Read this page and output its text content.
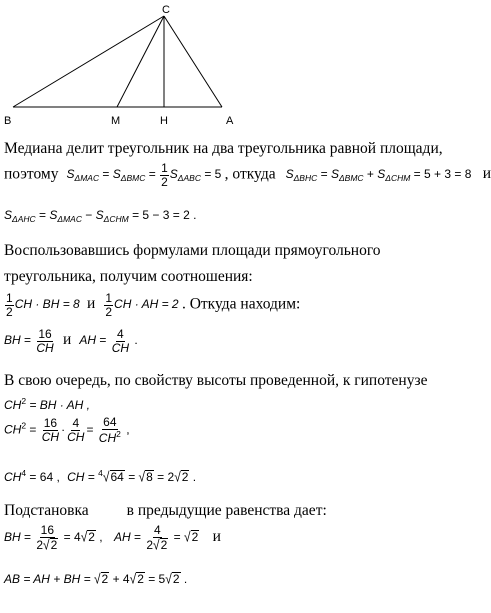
C
B	M	H	A
Медиана делит треугольник на два треугольника равной площади,
поэтому $S_{\Delta MAC} = S_{\Delta BMC} = \frac{1}{2} S_{\Delta ABC} = 5$ , откуда $S_{\Delta BHC} = S_{\Delta BMC} + S_{\Delta CHM} = 5 + 3 = 8$ и
$S_{\Delta AHC} = S_{\Delta MAC} - S_{\Delta CHM} = 5 - 3 = 2$ .
Воспользовавшись формулами площади прямоугольного
треугольника, получим соотношения:
$\frac{1}{2}$ CH · BH = 8 и $\frac{1}{2}$ CH · AH = 2 . Откуда находим:
BH = $\frac{16}{CH}$ и AH = $\frac{4}{CH}$ .
В свою очередь, по свойству высоты проведенной, к гипотенузе
$CH^2$ = BH · AH ,
$CH^2 = \frac{16}{CH} \cdot \frac{4}{CH} = \frac{64}{CH^2}$ ,
$CH^4 = 64$ , CH = $^4$√64 = √8 = 2√2 .
Подстановка в предыдущие равенства дает:
BH = $\frac{16}{2√2} = 4√2$ , AH = $\frac{4}{2√2} = √2$ и
AB = AH + BH = √2 + 4√2 = 5√2 .
